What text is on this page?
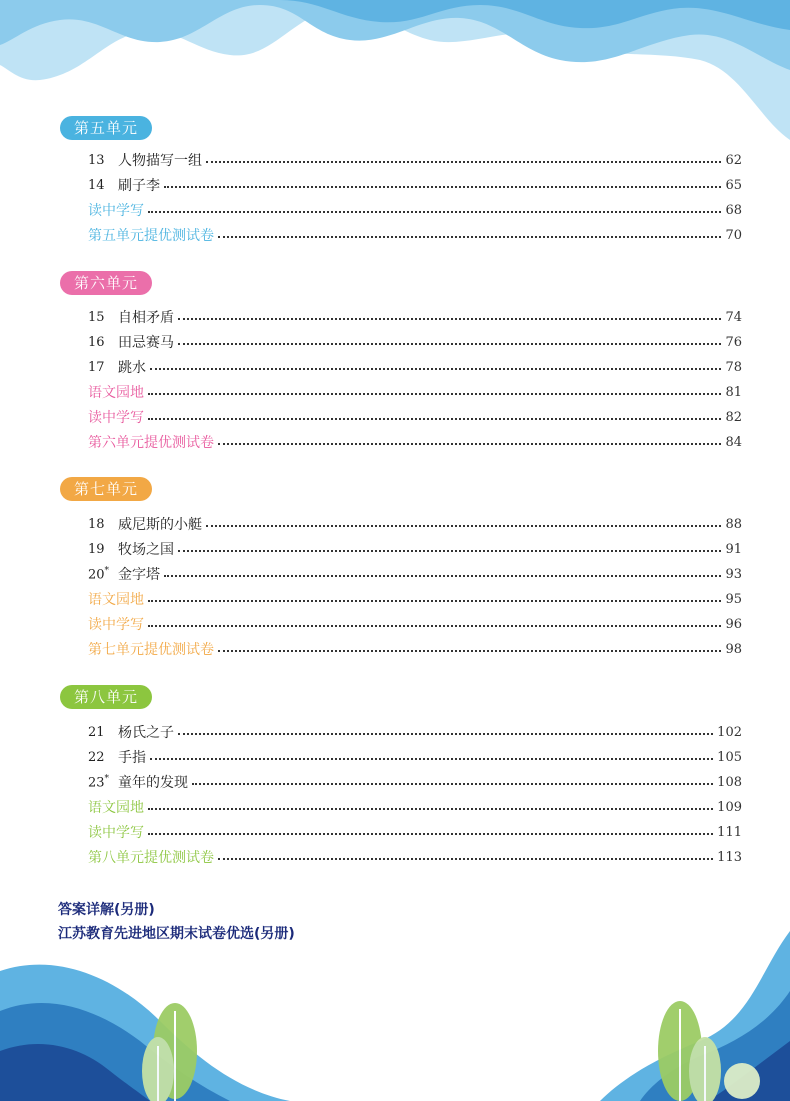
第五单元
13 人物描写一组	62
14 刷子李	65
读中学写	68
第五单元提优测试卷	70
第六单元
15 自相矛盾	74
16 田忌赛马	76
17 跳水	78
语文园地	81
读中学写	82
第六单元提优测试卷	84
第七单元
18 威尼斯的小艇	88
19 牧场之国	91
20* 金字塔	93
语文园地	95
读中学写	96
第七单元提优测试卷	98
第八单元
21 杨氏之子	102
22 手指	105
23* 童年的发现	108
语文园地	109
读中学写	111
第八单元提优测试卷	113
答案详解(另册)
江苏教育先进地区期末试卷优选(另册)
